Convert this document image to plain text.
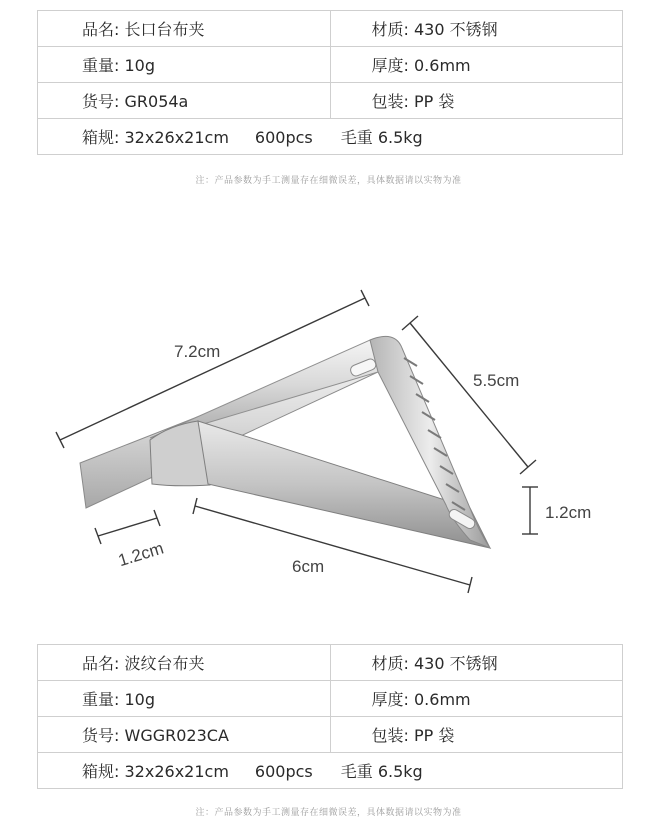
品名: 长口台布夹	材质: 430 不锈钢
重量: 10g	厚度: 0.6mm
货号: GR054a	包装: PP 袋
箱规: 32x26x21cm 600pcs 毛重 6.5kg	
注：产品参数为手工测量存在细微误差，具体数据请以实物为准
7.2cm
5.5cm
6cm
1.2cm
1.2cm
品名: 波纹台布夹	材质: 430 不锈钢
重量: 10g	厚度: 0.6mm
货号: WGGR023CA	包装: PP 袋
箱规: 32x26x21cm 600pcs 毛重 6.5kg	
注：产品参数为手工测量存在细微误差，具体数据请以实物为准
